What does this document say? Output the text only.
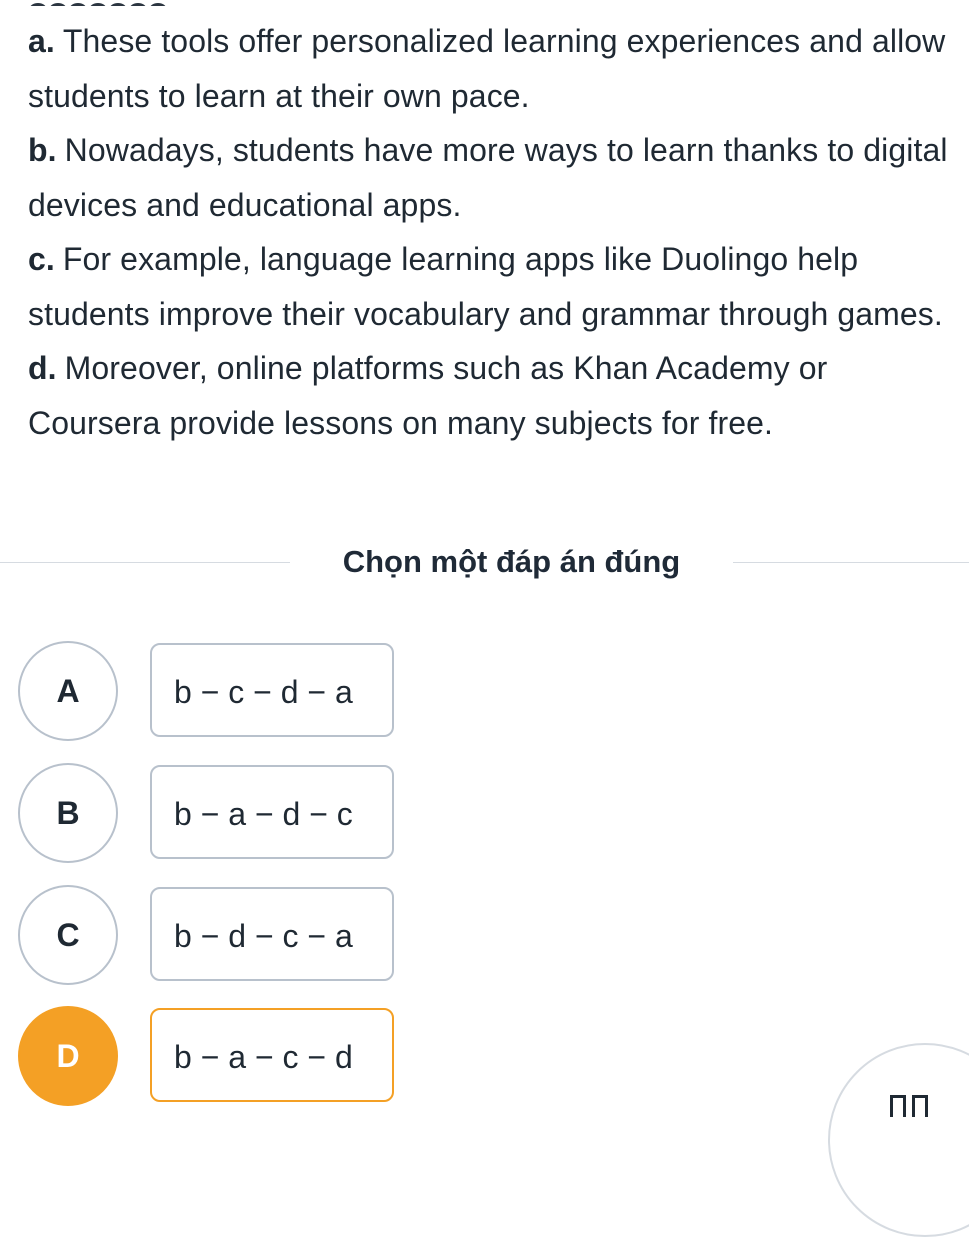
a. These tools offer personalized learning experiences and allow students to learn at their own pace.

b. Nowadays, students have more ways to learn thanks to digital devices and educational apps.

c. For example, language learning apps like Duolingo help students improve their vocabulary and grammar through games.

d. Moreover, online platforms such as Khan Academy or Coursera provide lessons on many subjects for free.

Chọn một đáp án đúng
A	b − c − d − a
B	b − a − d − c
C	b − d − c − a
D	b − a − c − d
